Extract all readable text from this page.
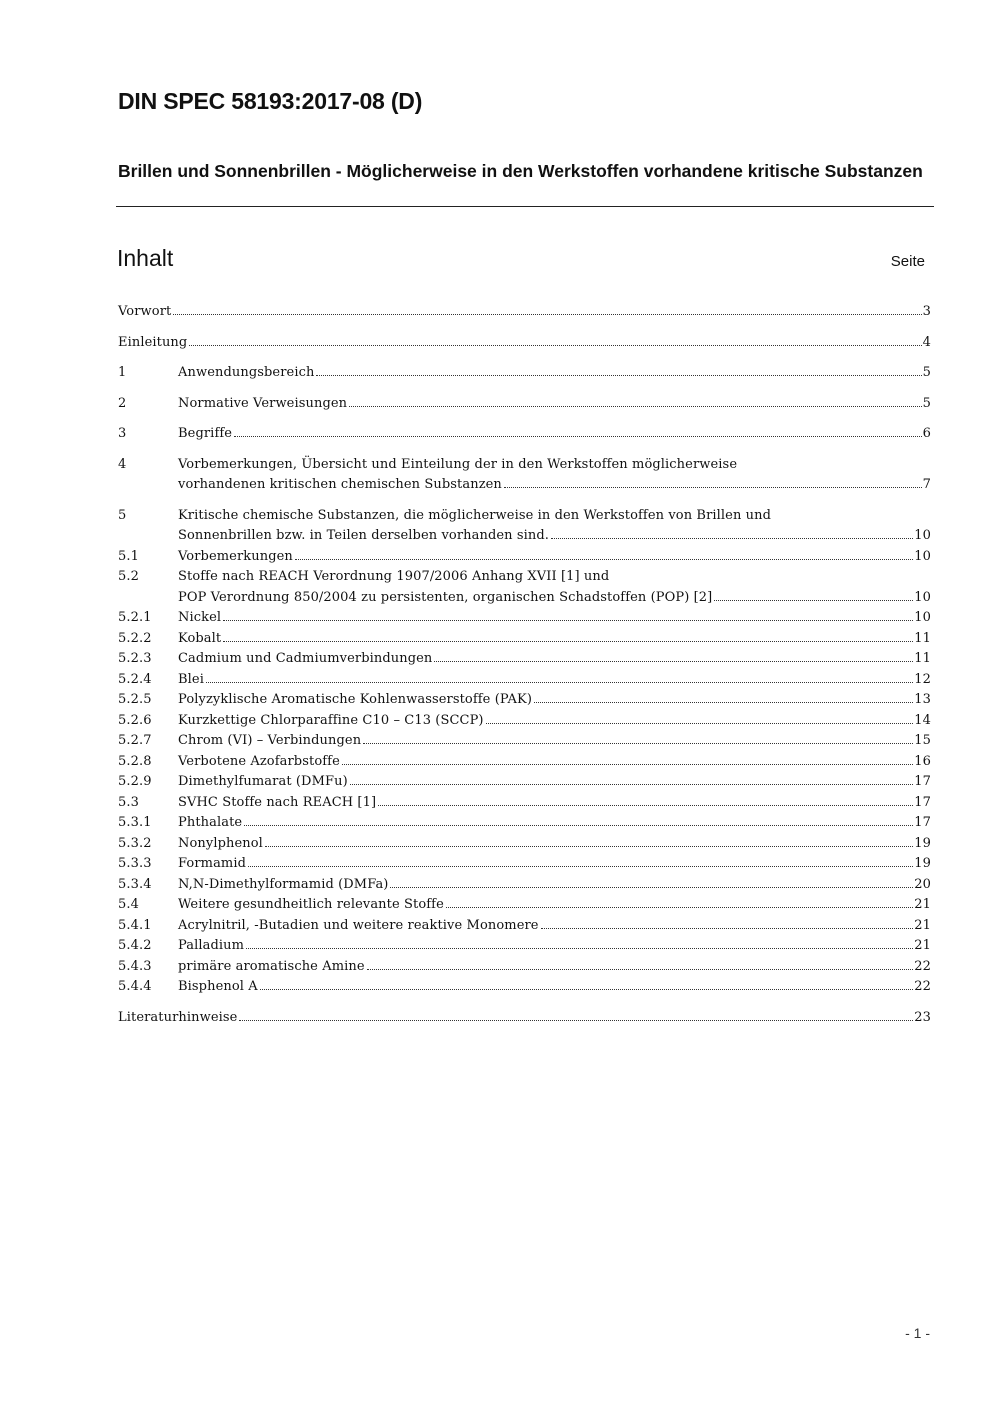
DIN SPEC 58193:2017-08 (D)
Brillen und Sonnenbrillen - Möglicherweise in den Werkstoffen vorhandene kritische Substanzen
Inhalt	Seite
Vorwort	3
Einleitung	4
1	Anwendungsbereich	5
2	Normative Verweisungen	5
3	Begriffe	6
4	Vorbemerkungen, Übersicht und Einteilung der in den Werkstoffen möglicherweise
vorhandenen kritischen chemischen Substanzen	7
5	Kritische chemische Substanzen, die möglicherweise in den Werkstoffen von Brillen und
Sonnenbrillen bzw. in Teilen derselben vorhanden sind.	10
5.1	Vorbemerkungen	10
5.2	Stoffe nach REACH Verordnung 1907/2006 Anhang XVII [1] und
POP Verordnung 850/2004 zu persistenten, organischen Schadstoffen (POP) [2]	10
5.2.1	Nickel	10
5.2.2	Kobalt	11
5.2.3	Cadmium und Cadmiumverbindungen	11
5.2.4	Blei	12
5.2.5	Polyzyklische Aromatische Kohlenwasserstoffe (PAK)	13
5.2.6	Kurzkettige Chlorparaffine C10 – C13 (SCCP)	14
5.2.7	Chrom (VI) – Verbindungen	15
5.2.8	Verbotene Azofarbstoffe	16
5.2.9	Dimethylfumarat (DMFu)	17
5.3	SVHC Stoffe nach REACH [1]	17
5.3.1	Phthalate	17
5.3.2	Nonylphenol	19
5.3.3	Formamid	19
5.3.4	N,N-Dimethylformamid (DMFa)	20
5.4	Weitere gesundheitlich relevante Stoffe	21
5.4.1	Acrylnitril, -Butadien und weitere reaktive Monomere	21
5.4.2	Palladium	21
5.4.3	primäre aromatische Amine	22
5.4.4	Bisphenol A	22
Literaturhinweise	23
- 1 -
